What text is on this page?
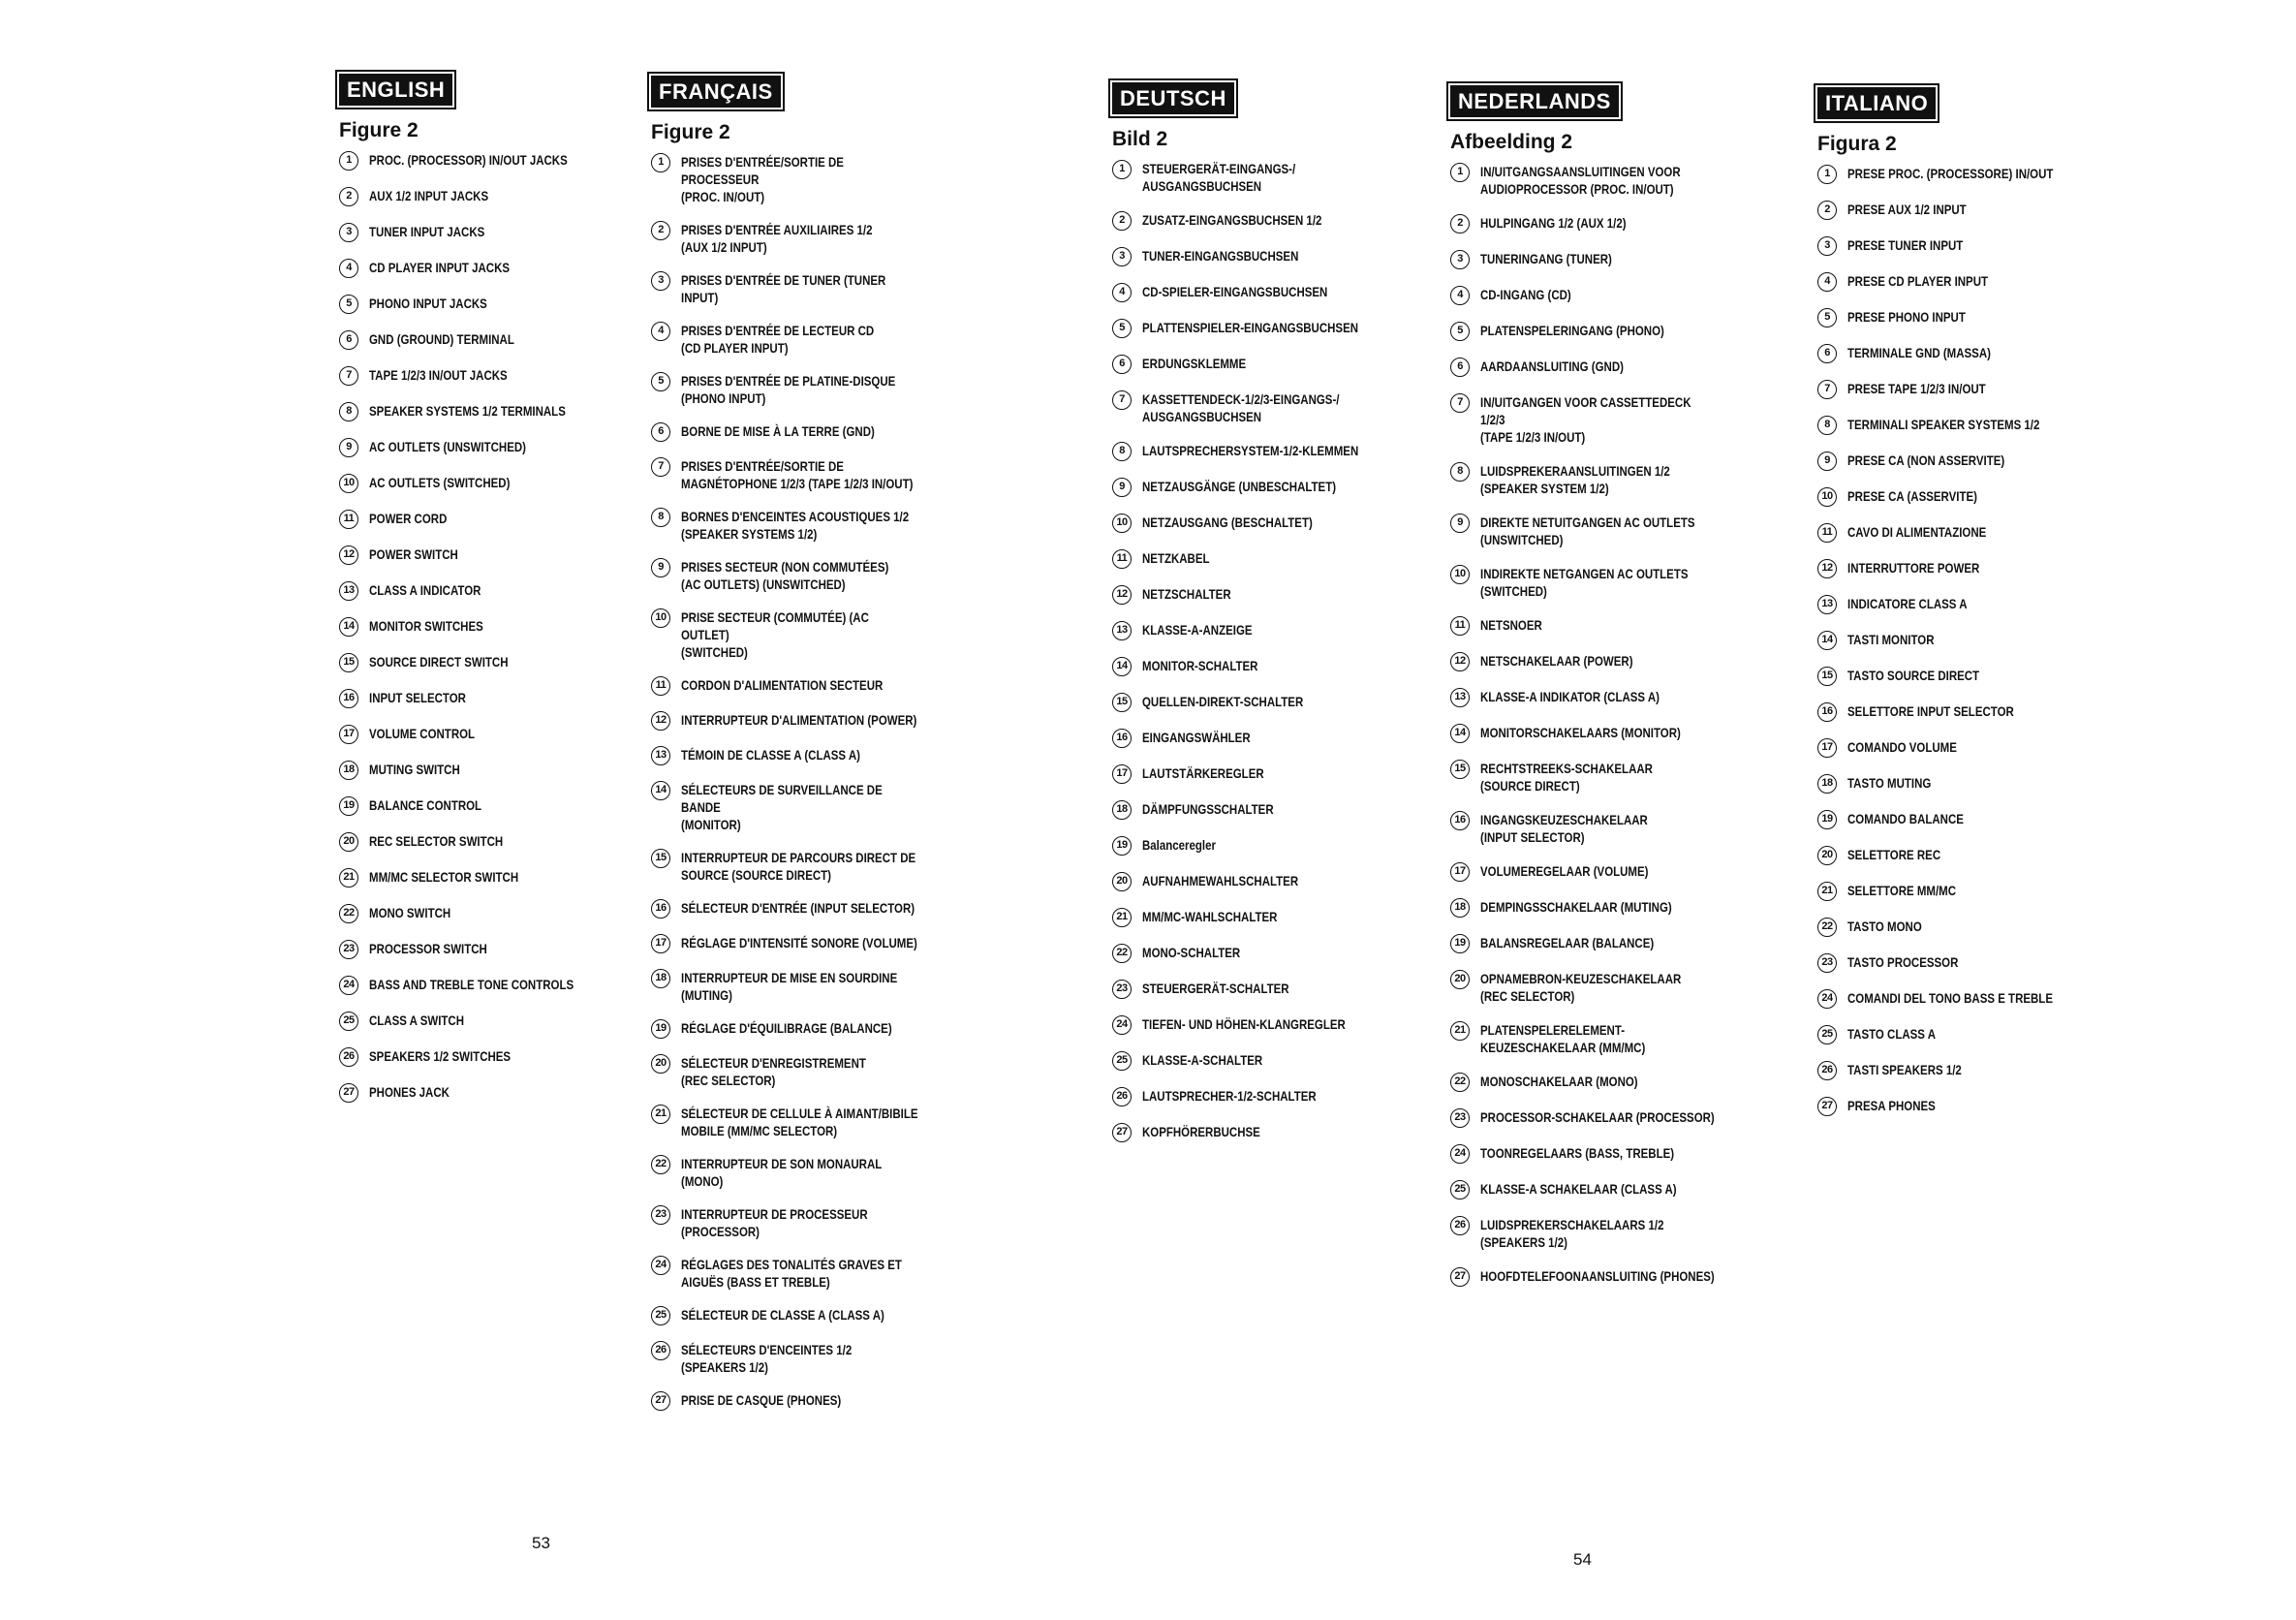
ENGLISH
Figure 2
1	PROC. (PROCESSOR) IN/OUT JACKS
2	AUX 1/2 INPUT JACKS
3	TUNER INPUT JACKS
4	CD PLAYER INPUT JACKS
5	PHONO INPUT JACKS
6	GND (GROUND) TERMINAL
7	TAPE 1/2/3 IN/OUT JACKS
8	SPEAKER SYSTEMS 1/2 TERMINALS
9	AC OUTLETS (UNSWITCHED)
10	AC OUTLETS (SWITCHED)
11	POWER CORD
12	POWER SWITCH
13	CLASS A INDICATOR
14	MONITOR SWITCHES
15	SOURCE DIRECT SWITCH
16	INPUT SELECTOR
17	VOLUME CONTROL
18	MUTING SWITCH
19	BALANCE CONTROL
20	REC SELECTOR SWITCH
21	MM/MC SELECTOR SWITCH
22	MONO SWITCH
23	PROCESSOR SWITCH
24	BASS AND TREBLE TONE CONTROLS
25	CLASS A SWITCH
26	SPEAKERS 1/2 SWITCHES
27	PHONES JACK
FRANÇAIS
Figure 2
1	PRISES D'ENTRÉE/SORTIE DE PROCESSEUR
(PROC. IN/OUT)
2	PRISES D'ENTRÉE AUXILIAIRES 1/2
(AUX 1/2 INPUT)
3	PRISES D'ENTRÉE DE TUNER (TUNER INPUT)
4	PRISES D'ENTRÉE DE LECTEUR CD
(CD PLAYER INPUT)
5	PRISES D'ENTRÉE DE PLATINE-DISQUE
(PHONO INPUT)
6	BORNE DE MISE À LA TERRE (GND)
7	PRISES D'ENTRÉE/SORTIE DE
MAGNÉTOPHONE 1/2/3 (TAPE 1/2/3 IN/OUT)
8	BORNES D'ENCEINTES ACOUSTIQUES 1/2
(SPEAKER SYSTEMS 1/2)
9	PRISES SECTEUR (NON COMMUTÉES)
(AC OUTLETS) (UNSWITCHED)
10	PRISE SECTEUR (COMMUTÉE) (AC OUTLET)
(SWITCHED)
11	CORDON D'ALIMENTATION SECTEUR
12	INTERRUPTEUR D'ALIMENTATION (POWER)
13	TÉMOIN DE CLASSE A (CLASS A)
14	SÉLECTEURS DE SURVEILLANCE DE BANDE
(MONITOR)
15	INTERRUPTEUR DE PARCOURS DIRECT DE
SOURCE (SOURCE DIRECT)
16	SÉLECTEUR D'ENTRÉE (INPUT SELECTOR)
17	RÉGLAGE D'INTENSITÉ SONORE (VOLUME)
18	INTERRUPTEUR DE MISE EN SOURDINE
(MUTING)
19	RÉGLAGE D'ÉQUILIBRAGE (BALANCE)
20	SÉLECTEUR D'ENREGISTREMENT
(REC SELECTOR)
21	SÉLECTEUR DE CELLULE À AIMANT/BIBILE
MOBILE (MM/MC SELECTOR)
22	INTERRUPTEUR DE SON MONAURAL (MONO)
23	INTERRUPTEUR DE PROCESSEUR
(PROCESSOR)
24	RÉGLAGES DES TONALITÉS GRAVES ET
AIGUËS (BASS ET TREBLE)
25	SÉLECTEUR DE CLASSE A (CLASS A)
26	SÉLECTEURS D'ENCEINTES 1/2
(SPEAKERS 1/2)
27	PRISE DE CASQUE (PHONES)
DEUTSCH
Bild 2
1	STEUERGERÄT-EINGANGS-/
AUSGANGSBUCHSEN
2	ZUSATZ-EINGANGSBUCHSEN 1/2
3	TUNER-EINGANGSBUCHSEN
4	CD-SPIELER-EINGANGSBUCHSEN
5	PLATTENSPIELER-EINGANGSBUCHSEN
6	ERDUNGSKLEMME
7	KASSETTENDECK-1/2/3-EINGANGS-/
AUSGANGSBUCHSEN
8	LAUTSPRECHERSYSTEM-1/2-KLEMMEN
9	NETZAUSGÄNGE (UNBESCHALTET)
10	NETZAUSGANG (BESCHALTET)
11	NETZKABEL
12	NETZSCHALTER
13	KLASSE-A-ANZEIGE
14	MONITOR-SCHALTER
15	QUELLEN-DIREKT-SCHALTER
16	EINGANGSWÄHLER
17	LAUTSTÄRKEREGLER
18	DÄMPFUNGSSCHALTER
19	Balanceregler
20	AUFNAHMEWAHLSCHALTER
21	MM/MC-WAHLSCHALTER
22	MONO-SCHALTER
23	STEUERGERÄT-SCHALTER
24	TIEFEN- UND HÖHEN-KLANGREGLER
25	KLASSE-A-SCHALTER
26	LAUTSPRECHER-1/2-SCHALTER
27	KOPFHÖRERBUCHSE
NEDERLANDS
Afbeelding 2
1	IN/UITGANGSAANSLUITINGEN VOOR
AUDIOPROCESSOR (PROC. IN/OUT)
2	HULPINGANG 1/2 (AUX 1/2)
3	TUNERINGANG (TUNER)
4	CD-INGANG (CD)
5	PLATENSPELERINGANG (PHONO)
6	AARDAANSLUITING (GND)
7	IN/UITGANGEN VOOR CASSETTEDECK 1/2/3
(TAPE 1/2/3 IN/OUT)
8	LUIDSPREKERAANSLUITINGEN 1/2
(SPEAKER SYSTEM 1/2)
9	DIREKTE NETUITGANGEN AC OUTLETS
(UNSWITCHED)
10	INDIREKTE NETGANGEN AC OUTLETS
(SWITCHED)
11	NETSNOER
12	NETSCHAKELAAR (POWER)
13	KLASSE-A INDIKATOR (CLASS A)
14	MONITORSCHAKELAARS (MONITOR)
15	RECHTSTREEKS-SCHAKELAAR
(SOURCE DIRECT)
16	INGANGSKEUZESCHAKELAAR
(INPUT SELECTOR)
17	VOLUMEREGELAAR (VOLUME)
18	DEMPINGSSCHAKELAAR (MUTING)
19	BALANSREGELAAR (BALANCE)
20	OPNAMEBRON-KEUZESCHAKELAAR
(REC SELECTOR)
21	PLATENSPELERELEMENT-
KEUZESCHAKELAAR (MM/MC)
22	MONOSCHAKELAAR (MONO)
23	PROCESSOR-SCHAKELAAR (PROCESSOR)
24	TOONREGELAARS (BASS, TREBLE)
25	KLASSE-A SCHAKELAAR (CLASS A)
26	LUIDSPREKERSCHAKELAARS 1/2
(SPEAKERS 1/2)
27	HOOFDTELEFOONAANSLUITING (PHONES)
ITALIANO
Figura 2
1	PRESE PROC. (PROCESSORE) IN/OUT
2	PRESE AUX 1/2 INPUT
3	PRESE TUNER INPUT
4	PRESE CD PLAYER INPUT
5	PRESE PHONO INPUT
6	TERMINALE GND (MASSA)
7	PRESE TAPE 1/2/3 IN/OUT
8	TERMINALI SPEAKER SYSTEMS 1/2
9	PRESE CA (NON ASSERVITE)
10	PRESE CA (ASSERVITE)
11	CAVO DI ALIMENTAZIONE
12	INTERRUTTORE POWER
13	INDICATORE CLASS A
14	TASTI MONITOR
15	TASTO SOURCE DIRECT
16	SELETTORE INPUT SELECTOR
17	COMANDO VOLUME
18	TASTO MUTING
19	COMANDO BALANCE
20	SELETTORE REC
21	SELETTORE MM/MC
22	TASTO MONO
23	TASTO PROCESSOR
24	COMANDI DEL TONO BASS E TREBLE
25	TASTO CLASS A
26	TASTI SPEAKERS 1/2
27	PRESA PHONES
53
54
